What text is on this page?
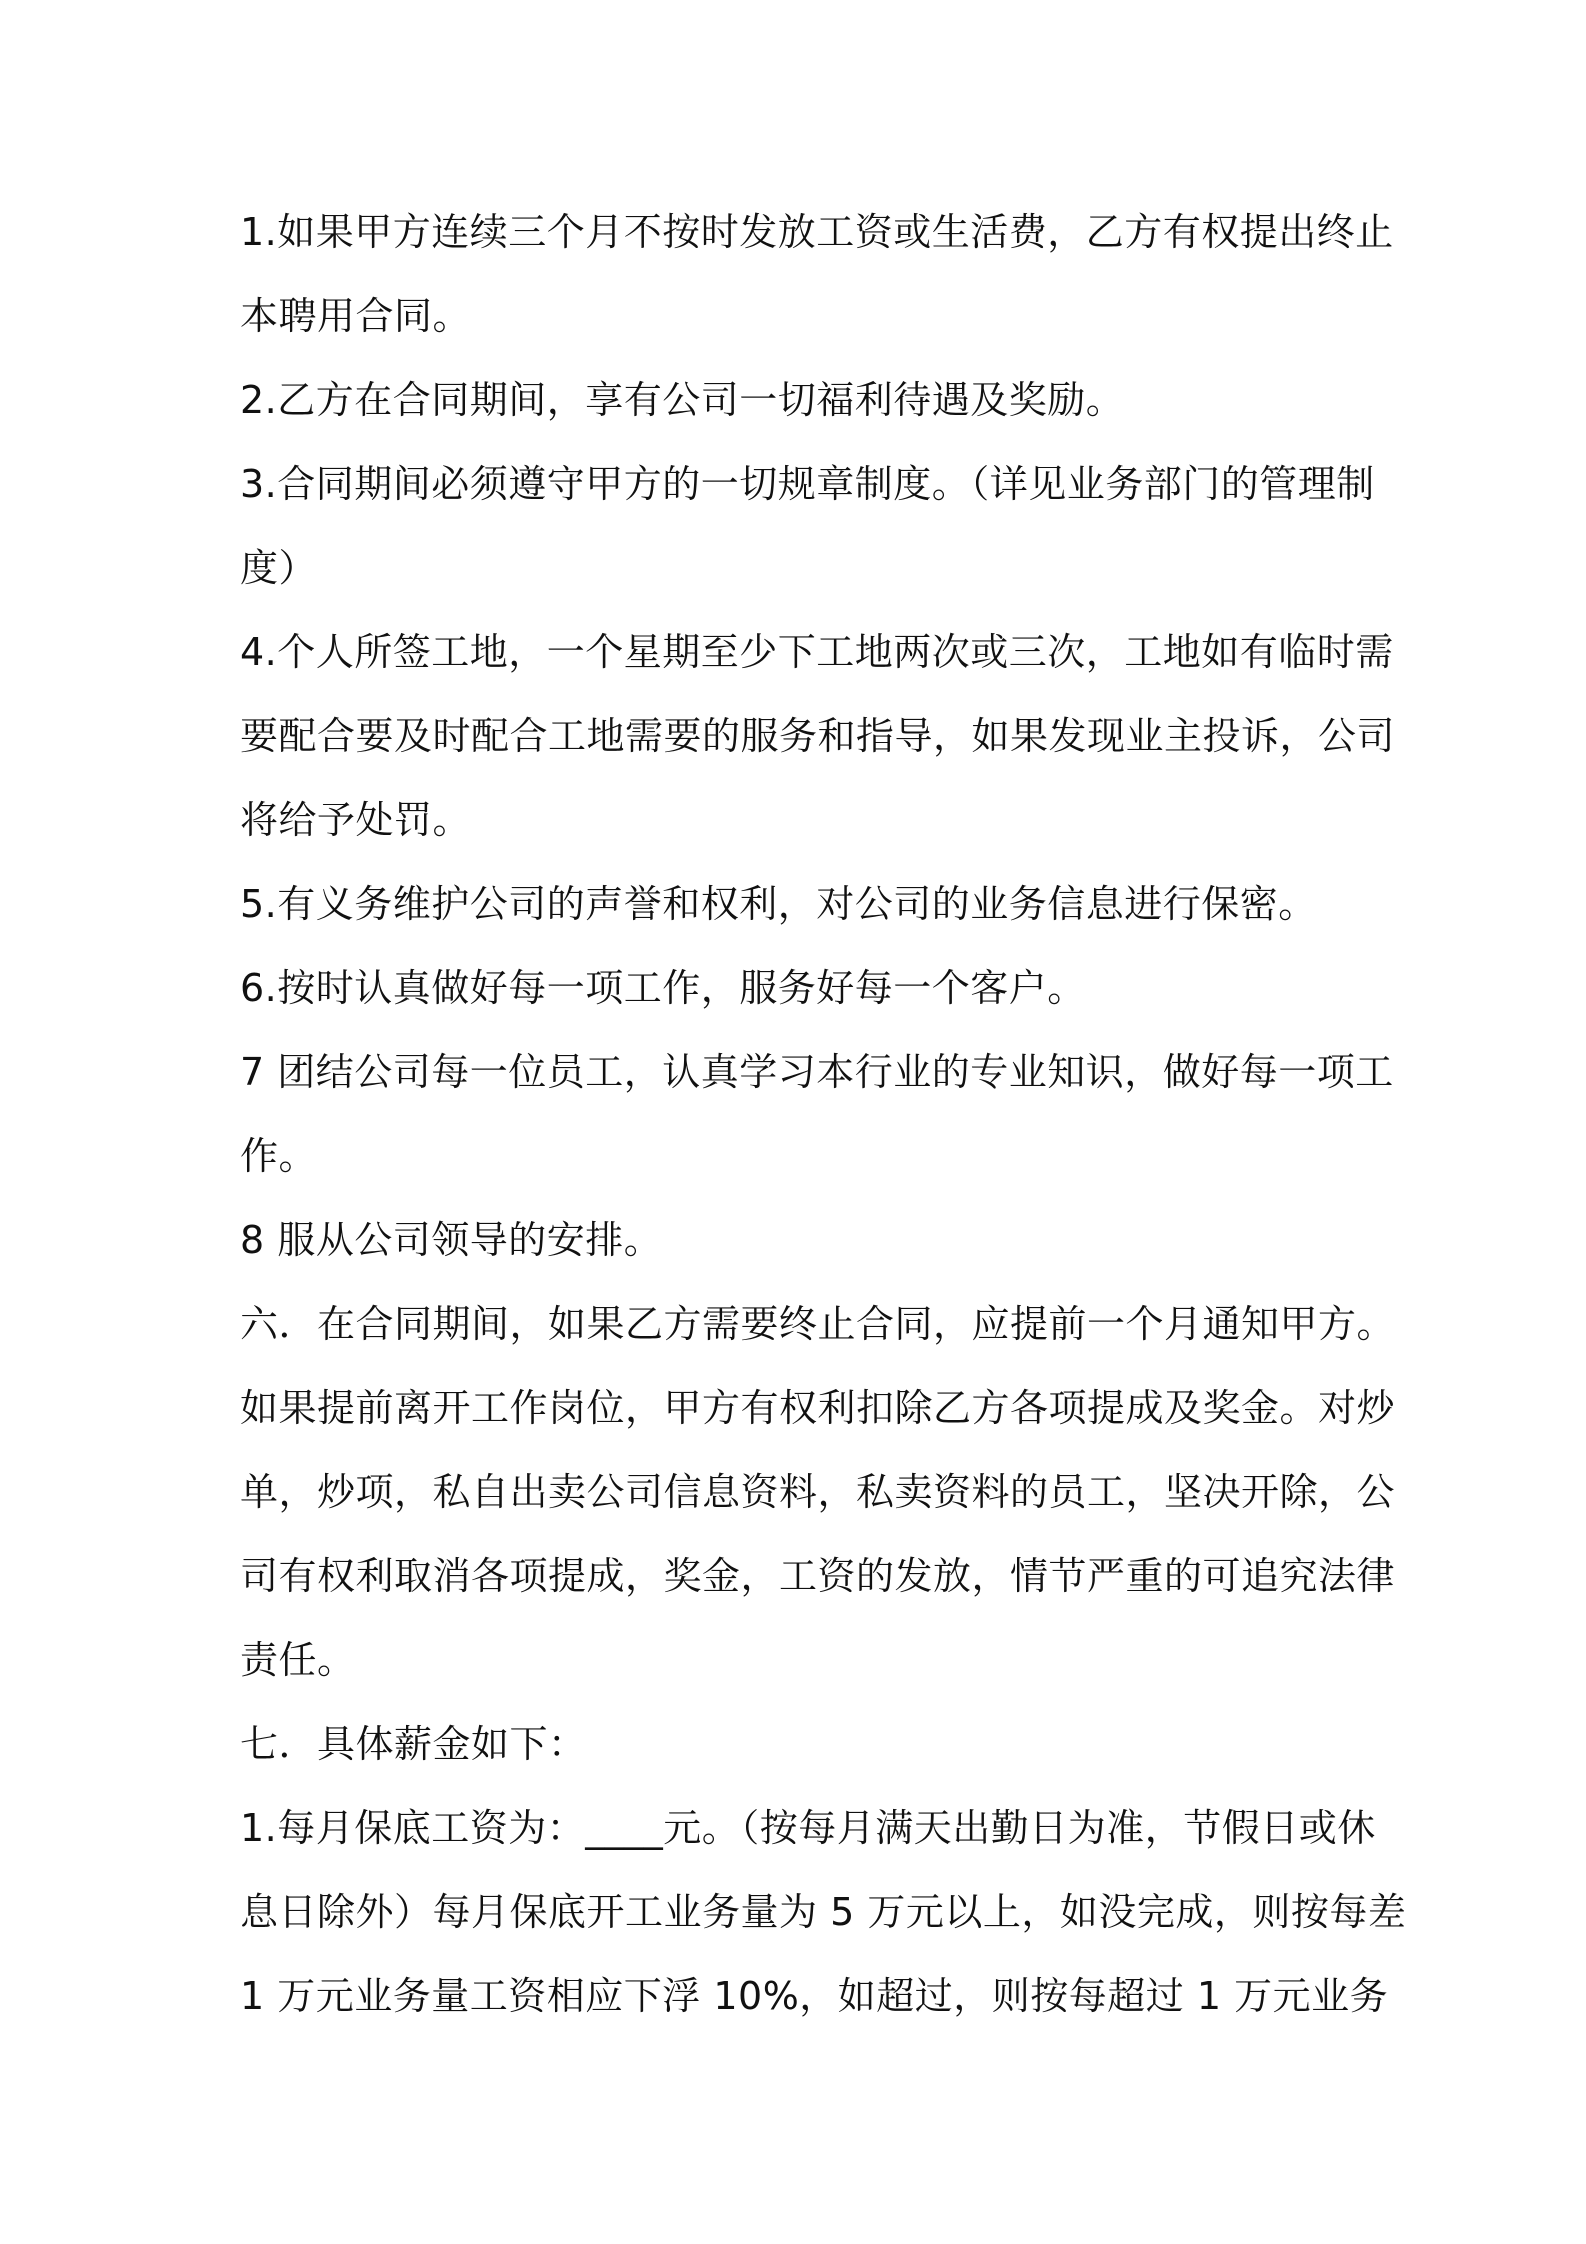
1.如果甲方连续三个月不按时发放工资或生活费，乙方有权提出终止
本聘用合同。
2.乙方在合同期间，享有公司一切福利待遇及奖励。
3.合同期间必须遵守甲方的一切规章制度。（详见业务部门的管理制
度）
4.个人所签工地，一个星期至少下工地两次或三次，工地如有临时需
要配合要及时配合工地需要的服务和指导，如果发现业主投诉，公司
将给予处罚。
5.有义务维护公司的声誉和权利，对公司的业务信息进行保密。
6.按时认真做好每一项工作，服务好每一个客户。
7 团结公司每一位员工，认真学习本行业的专业知识，做好每一项工
作。
8 服从公司领导的安排。
六．在合同期间，如果乙方需要终止合同，应提前一个月通知甲方。
如果提前离开工作岗位，甲方有权利扣除乙方各项提成及奖金。对炒
单，炒项，私自出卖公司信息资料，私卖资料的员工，坚决开除，公
司有权利取消各项提成，奖金，工资的发放，情节严重的可追究法律
责任。
七．具体薪金如下：
1.每月保底工资为：____元。（按每月满天出勤日为准，节假日或休
息日除外）每月保底开工业务量为 5 万元以上，如没完成，则按每差
1 万元业务量工资相应下浮 10%，如超过，则按每超过 1 万元业务
